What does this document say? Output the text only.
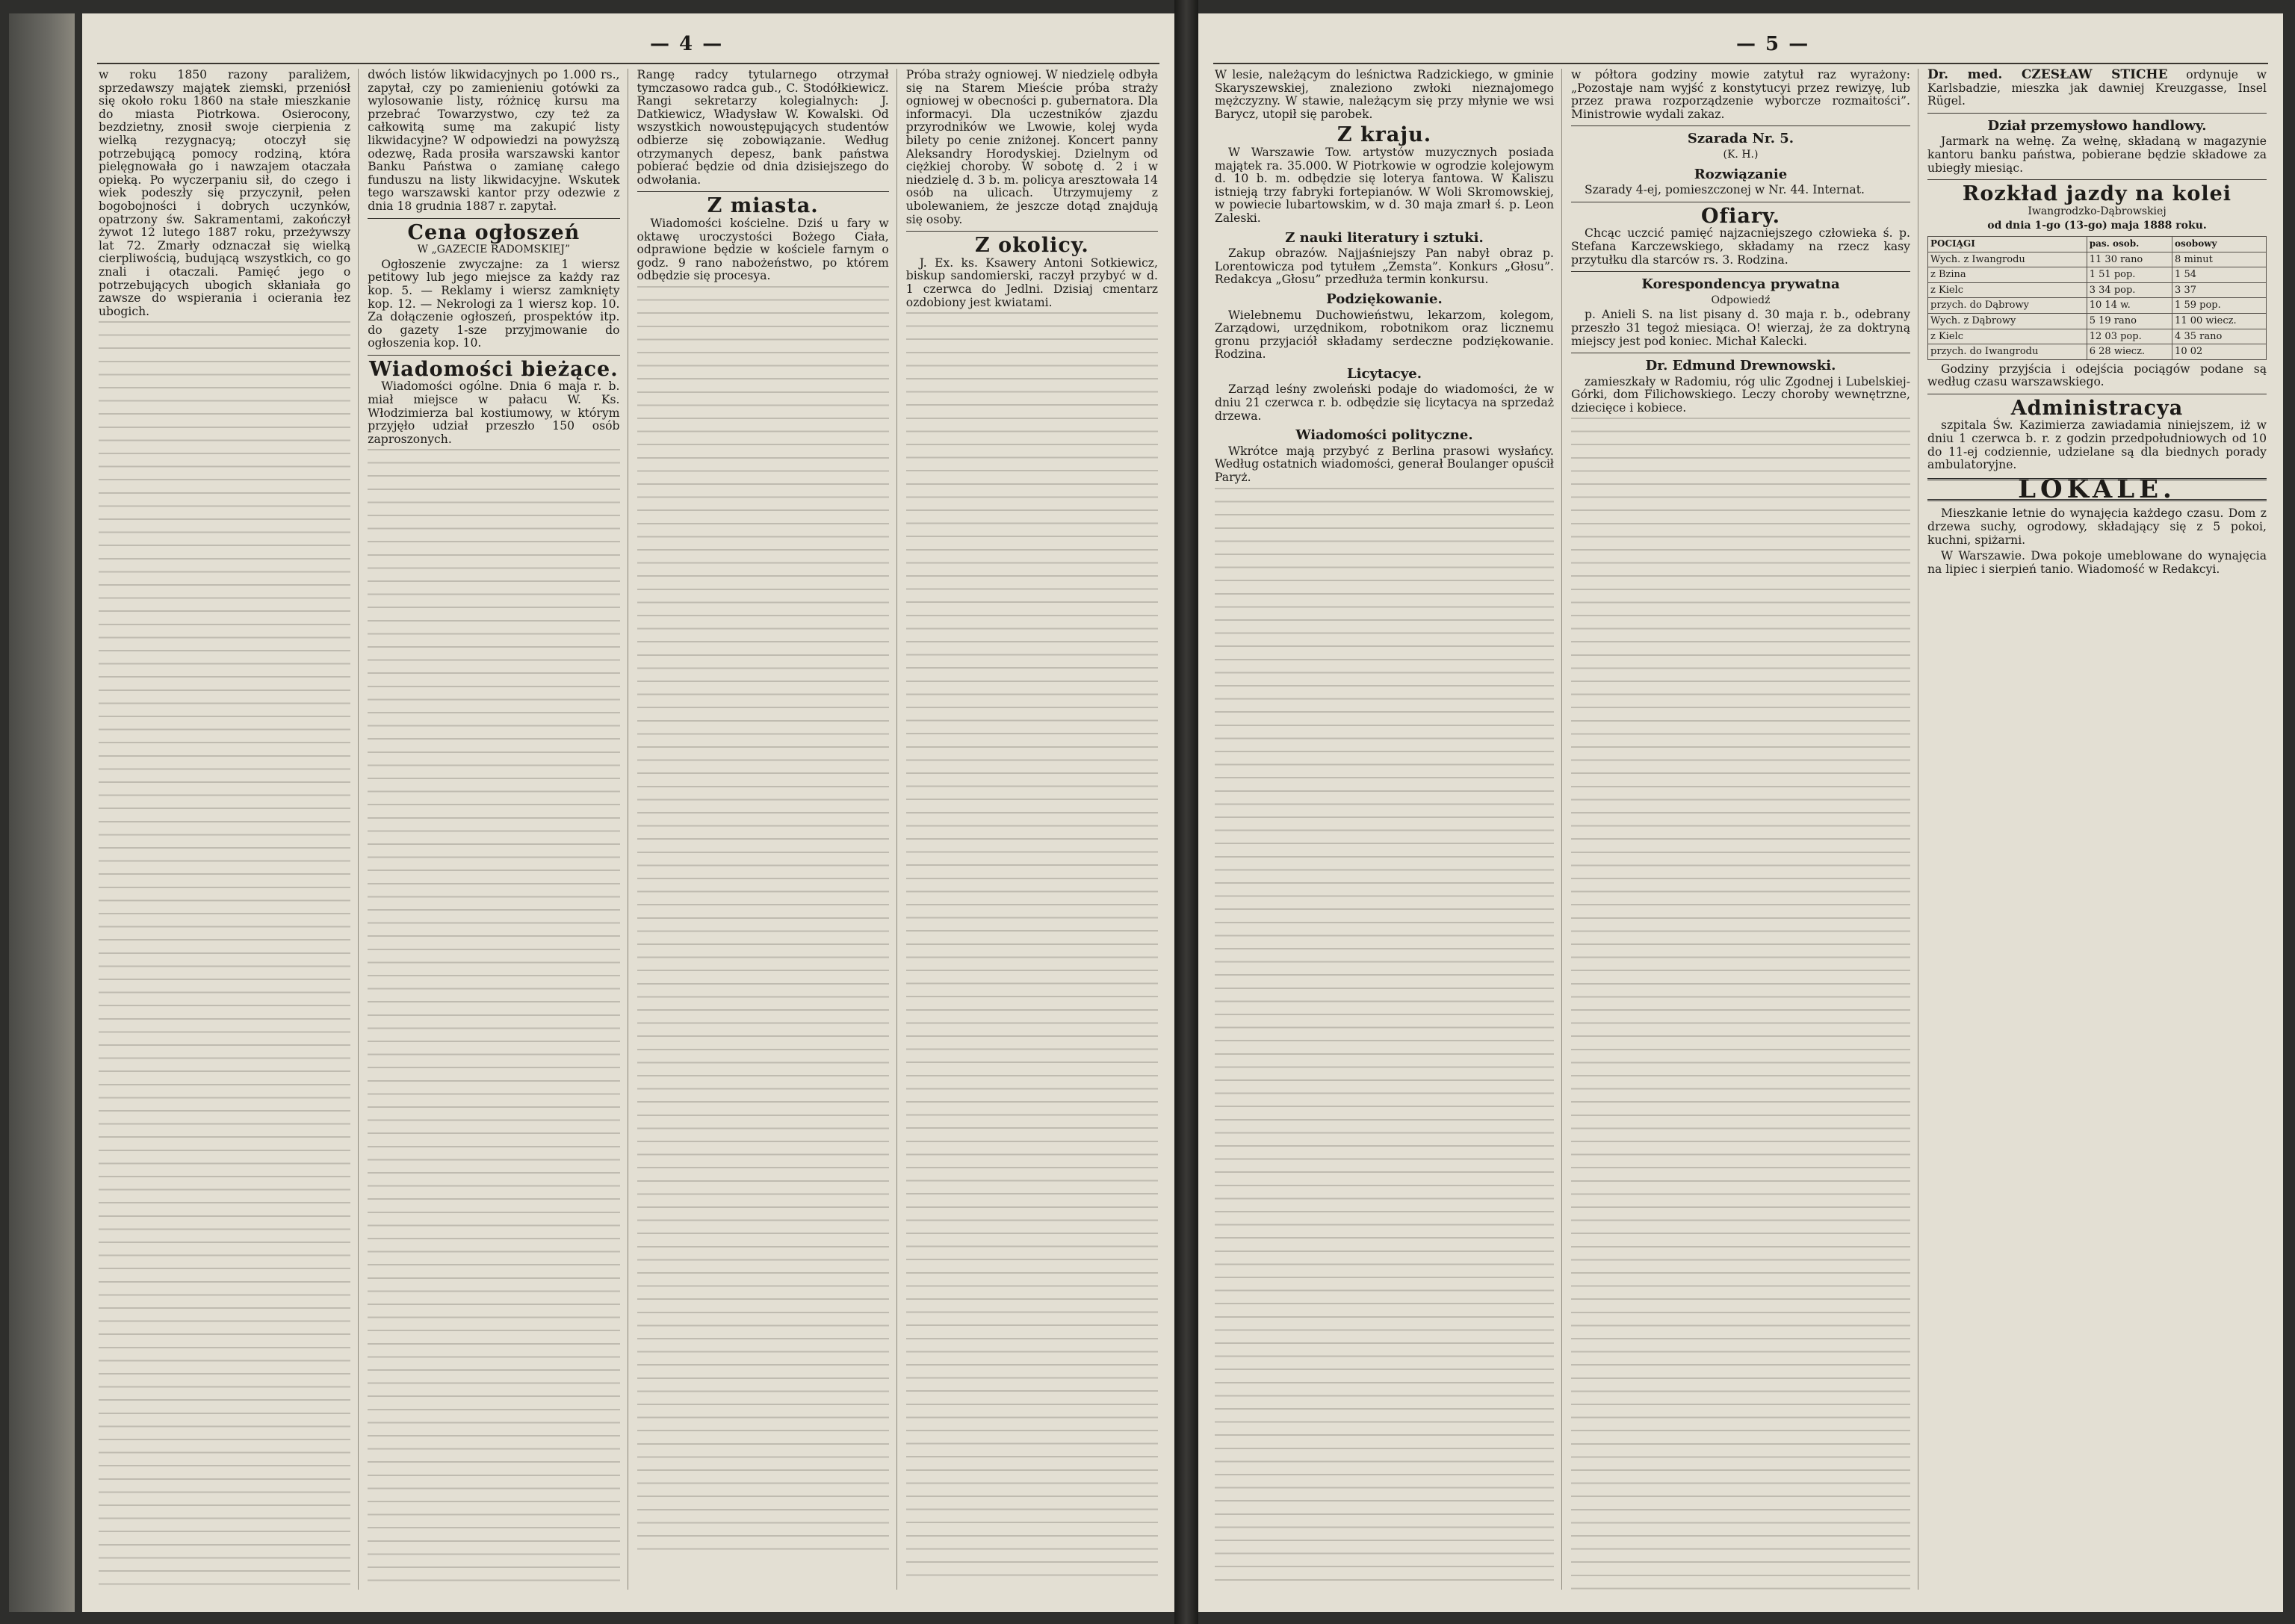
— 4 —

w roku 1850 razony paraliżem, sprzedawszy majątek ziemski, przeniósł się około roku 1860 na stałe mieszkanie do miasta Piotrkowa. Osierocony, bezdzietny, znosił swoje cierpienia z wielką rezygnacyą; otoczył się potrzebującą pomocy rodziną, która pielęgnowała go i nawzajem otaczała opieką. Po wyczerpaniu sił, do czego i wiek podeszły się przyczynił, pełen bogobojności i dobrych uczynków, opatrzony św. Sakramentami, zakończył żywot 12 lutego 1887 roku, przeżywszy lat 72. Zmarły odznaczał się wielką cierpliwością, budującą wszystkich, co go znali i otaczali. Pamięć jego o potrzebujących ubogich skłaniała go zawsze do wspierania i ocierania łez ubogich.

dwóch listów likwidacyjnych po 1.000 rs., zapytał, czy po zamienieniu gotówki za wylosowanie listy, różnicę kursu ma przebrać Towarzystwo, czy też za całkowitą sumę ma zakupić listy likwidacyjne? W odpowiedzi na powyższą odezwę, Rada prosiła warszawski kantor Banku Państwa o zamianę całego funduszu na listy likwidacyjne. Wskutek tego warszawski kantor przy odezwie z dnia 18 grudnia 1887 r. zapytał.

Cena ogłoszeń
W „GAZECIE RADOMSKIEJ”

Ogłoszenie zwyczajne: za 1 wiersz petitowy lub jego miejsce za każdy raz kop. 5. — Reklamy i wiersz zamknięty kop. 12. — Nekrologi za 1 wiersz kop. 10. Za dołączenie ogłoszeń, prospektów itp. do gazety 1-sze przyjmowanie do ogłoszenia kop. 10.

Wiadomości bieżące.

Wiadomości ogólne. Dnia 6 maja r. b. miał miejsce w pałacu W. Ks. Włodzimierza bal kostiumowy, w którym przyjęło udział przeszło 150 osób zaproszonych.

Rangę radcy tytularnego otrzymał tymczasowo radca gub., C. Stodółkiewicz. Rangi sekretarzy kolegialnych: J. Datkiewicz, Władysław W. Kowalski. Od wszystkich nowoustępujących studentów odbierze się zobowiązanie. Według otrzymanych depesz, bank państwa pobierać będzie od dnia dzisiejszego do odwołania.

Z miasta.

Wiadomości kościelne. Dziś u fary w oktawę uroczystości Bożego Ciała, odprawione będzie w kościele farnym o godz. 9 rano nabożeństwo, po którem odbędzie się procesya.

Próba straży ogniowej. W niedzielę odbyła się na Starem Mieście próba straży ogniowej w obecności p. gubernatora. Dla informacyi. Dla uczestników zjazdu przyrodników we Lwowie, kolej wyda bilety po cenie zniżonej. Koncert panny Aleksandry Horodyskiej. Dzielnym od ciężkiej choroby. W sobotę d. 2 i w niedzielę d. 3 b. m. policya aresztowała 14 osób na ulicach. Utrzymujemy z ubolewaniem, że jeszcze dotąd znajdują się osoby.

Z okolicy.

J. Ex. ks. Ksawery Antoni Sotkiewicz, biskup sandomierski, raczył przybyć w d. 1 czerwca do Jedlni. Dzisiaj cmentarz ozdobiony jest kwiatami.

— 5 —

W lesie, należącym do leśnictwa Radzickiego, w gminie Skaryszewskiej, znaleziono zwłoki nieznajomego mężczyzny. W stawie, należącym się przy młynie we wsi Barycz, utopił się parobek.

Z kraju.

W Warszawie Tow. artystów muzycznych posiada majątek ra. 35.000. W Piotrkowie w ogrodzie kolejowym d. 10 b. m. odbędzie się loterya fantowa. W Kaliszu istnieją trzy fabryki fortepianów. W Woli Skromowskiej, w powiecie lubartowskim, w d. 30 maja zmarł ś. p. Leon Zaleski.

Z nauki literatury i sztuki.

Zakup obrazów. Najjaśniejszy Pan nabył obraz p. Lorentowicza pod tytułem „Zemsta”. Konkurs „Głosu”. Redakcya „Głosu” przedłuża termin konkursu.

Podziękowanie.

Wielebnemu Duchowieństwu, lekarzom, kolegom, Zarządowi, urzędnikom, robotnikom oraz licznemu gronu przyjaciół składamy serdeczne podziękowanie. Rodzina.

Licytacye.

Zarząd leśny zwoleński podaje do wiadomości, że w dniu 21 czerwca r. b. odbędzie się licytacya na sprzedaż drzewa.

Wiadomości polityczne.

Wkrótce mają przybyć z Berlina prasowi wysłańcy. Według ostatnich wiadomości, generał Boulanger opuścił Paryż.

w półtora godziny mowie zatytuł raz wyrażony: „Pozostaje nam wyjść z konstytucyi przez rewizyę, lub przez prawa rozporządzenie wyborcze rozmaitości”. Ministrowie wydali zakaz.

Szarada Nr. 5.
(K. H.)
Rozwiązanie

Szarady 4-ej, pomieszczonej w Nr. 44. Internat.

Ofiary.

Chcąc uczcić pamięć najzacniejszego człowieka ś. p. Stefana Karczewskiego, składamy na rzecz kasy przytułku dla starców rs. 3. Rodzina.

Korespondencya prywatna
Odpowiedź

p. Anieli S. na list pisany d. 30 maja r. b., odebrany przeszło 31 tegoż miesiąca. O! wierzaj, że za doktryną miejscy jest pod koniec. Michał Kalecki.

Dr. Edmund Drewnowski.

zamieszkały w Radomiu, róg ulic Zgodnej i Lubelskiej-Górki, dom Filichowskiego. Leczy choroby wewnętrzne, dziecięce i kobiece.

Dr. med. CZESŁAW STICHE ordynuje w Karlsbadzie, mieszka jak dawniej Kreuzgasse, Insel Rügel.

Dział przemysłowo handlowy.

Jarmark na wełnę. Za wełnę, składaną w magazynie kantoru banku państwa, pobierane będzie składowe za ubiegły miesiąc.

Rozkład jazdy na kolei
Iwangrodzko-Dąbrowskiej
od dnia 1-go (13-go) maja 1888 roku.
POCIĄGI	pas. osob.	osobowy
Wych. z Iwangrodu	11 30 rano	8 minut
z Bzina	1 51 pop.	1 54
z Kielc	3 34 pop.	3 37
przych. do Dąbrowy	10 14 w.	1 59 pop.
Wych. z Dąbrowy	5 19 rano	11 00 wiecz.
z Kielc	12 03 pop.	4 35 rano
przych. do Iwangrodu	6 28 wiecz.	10 02

Godziny przyjścia i odejścia pociągów podane są według czasu warszawskiego.

Administracya

szpitala Św. Kazimierza zawiadamia niniejszem, iż w dniu 1 czerwca b. r. z godzin przedpołudniowych od 10 do 11-ej codziennie, udzielane są dla biednych porady ambulatoryjne.

LOKALE.

Mieszkanie letnie do wynajęcia każdego czasu. Dom z drzewa suchy, ogrodowy, składający się z 5 pokoi, kuchni, spiżarni.

W Warszawie. Dwa pokoje umeblowane do wynajęcia na lipiec i sierpień tanio. Wiadomość w Redakcyi.
